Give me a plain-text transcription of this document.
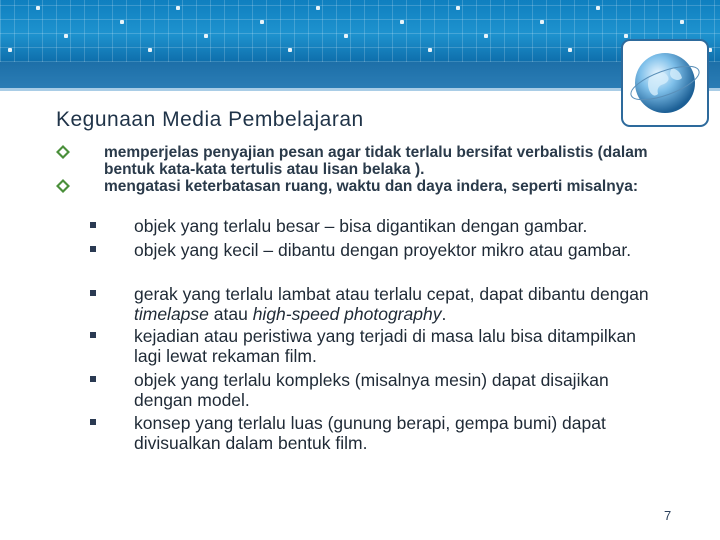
Kegunaan Media Pembelajaran
memperjelas penyajian pesan agar tidak terlalu bersifat verbalistis (dalam bentuk kata-kata tertulis atau lisan belaka ).
mengatasi keterbatasan ruang, waktu dan daya indera, seperti misalnya:
objek yang terlalu besar – bisa digantikan dengan gambar.
objek yang kecil – dibantu dengan proyektor mikro atau gambar.
gerak yang terlalu lambat atau terlalu cepat, dapat dibantu dengan timelapse atau high-speed photography.
kejadian atau peristiwa yang terjadi di masa lalu bisa ditampilkan lagi lewat rekaman film.
objek yang terlalu kompleks (misalnya mesin) dapat disajikan dengan model.
konsep yang terlalu luas (gunung berapi, gempa bumi) dapat divisualkan dalam bentuk film.
7
